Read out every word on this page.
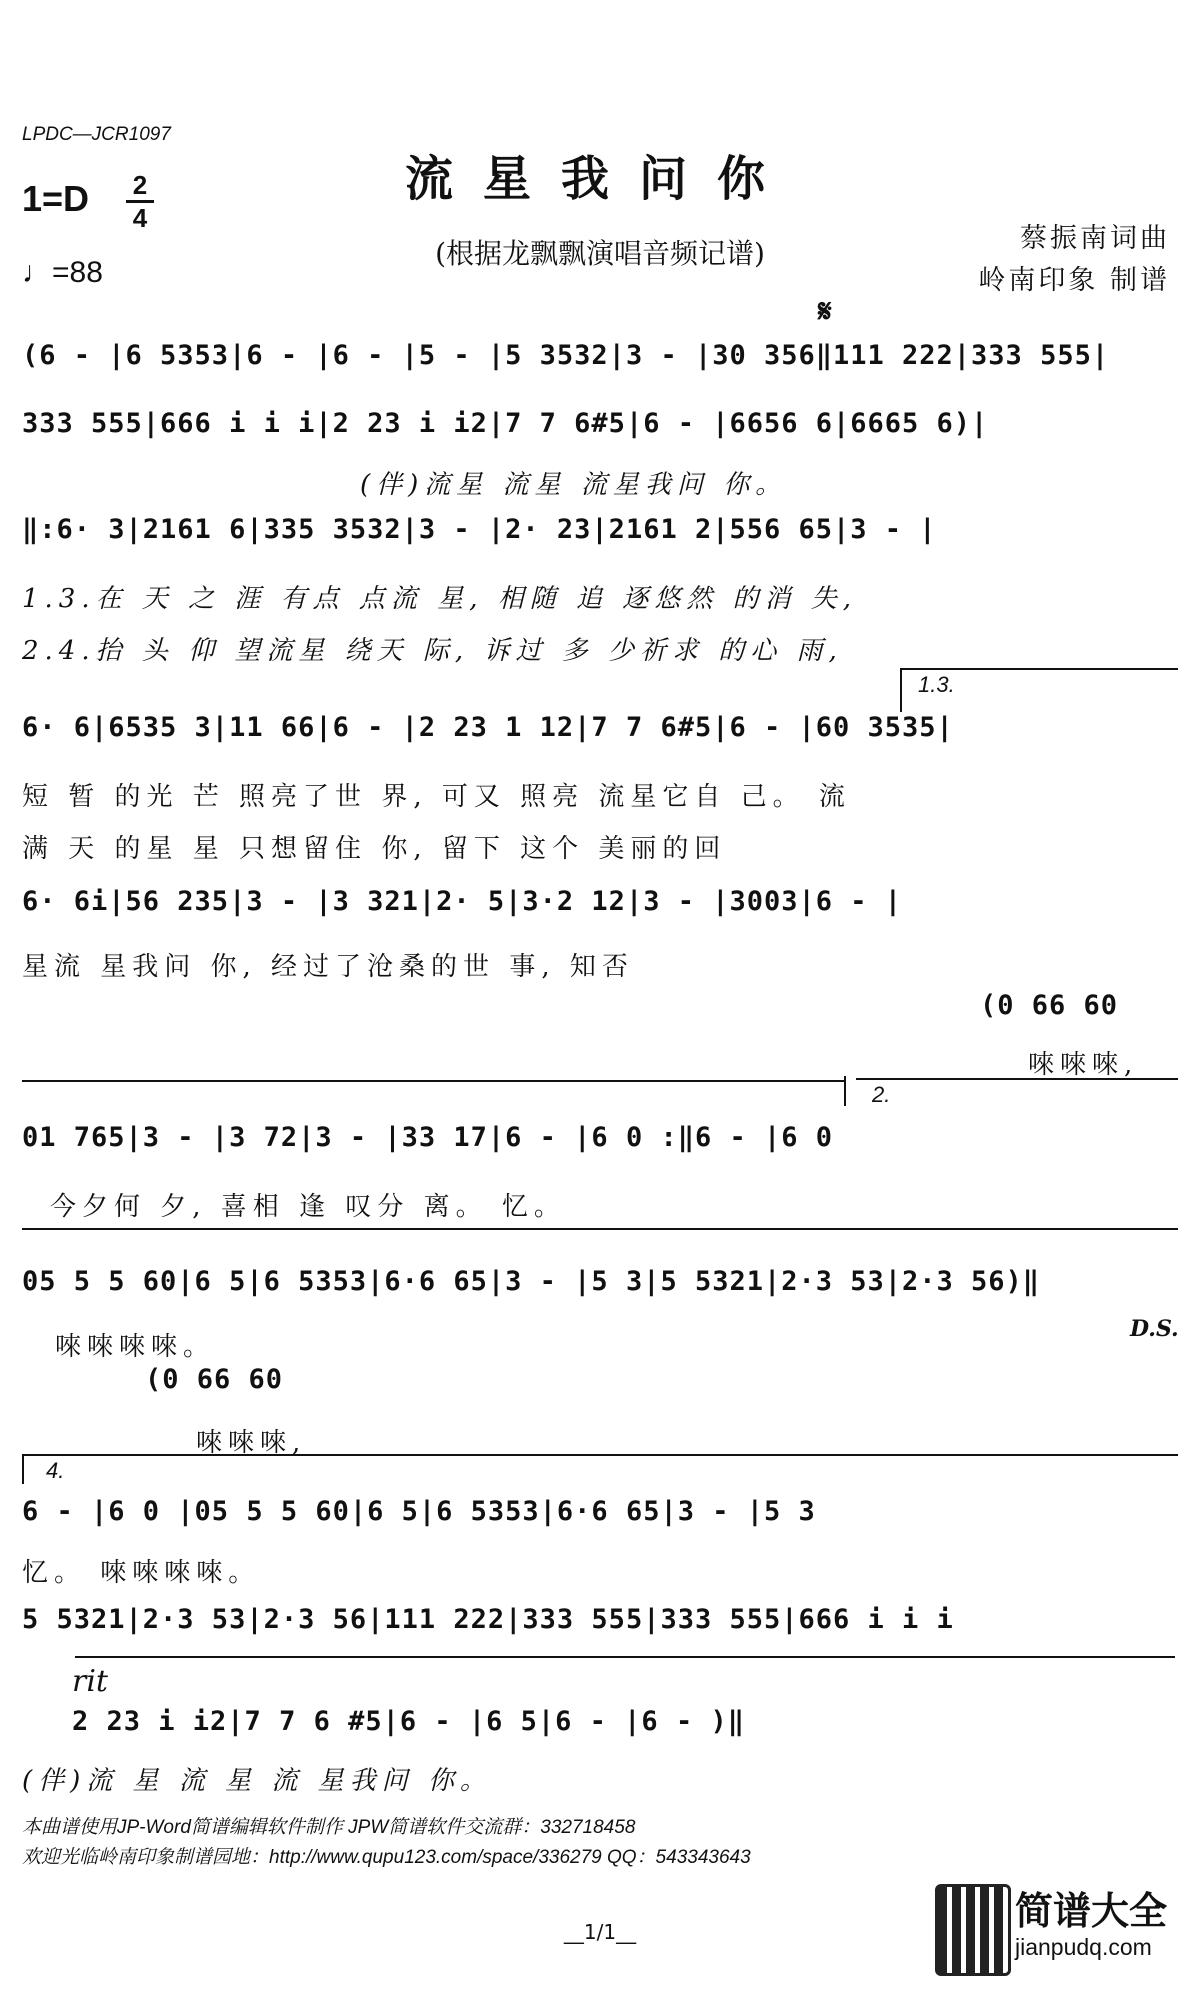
LPDC—JCR1097
流星我问你
(根据龙飘飘演唱音频记谱)
1=D 2
4
♩=88
蔡振南词曲
岭南印象 制谱
𝄋
(6 - |6 5353|6 - |6 - |5 - |5 3532|3 - |30 356‖111 222|333 555|
333 555|666 i i i|2 23 i i2|7 7 6#5|6 - |6656 6|6665 6)|
(伴)流星 流星 流星我问 你。
‖:6· 3|2161 6|335 3532|3 - |2· 23|2161 2|556 65|3 - |
1.3.在 天 之 涯 有点 点流 星, 相随 追 逐悠然 的消 失,
2.4.抬 头 仰 望流星 绕天 际, 诉过 多 少祈求 的心 雨,
1.3.
6· 6|6535 3|11 66|6 - |2 23 1 12|7 7 6#5|6 - |60 3535|
短 暂 的光 芒 照亮了世 界, 可又 照亮 流星它自 己。 流
满 天 的星 星 只想留住 你, 留下 这个 美丽的回
6· 6i|56 235|3 - |3 321|2· 5|3·2 12|3 - |3003|6 - |
星流 星我问 你, 经过了沧桑的世 事, 知否
(0 66 60
唻唻唻,
2.
01 765|3 - |3 72|3 - |33 17|6 - |6 0 :‖6 - |6 0
今夕何 夕, 喜相 逢 叹分 离。 忆。
05 5 5 60|6 5|6 5353|6·6 65|3 - |5 3|5 5321|2·3 53|2·3 56)‖
唻唻唻唻。
D.S.
(0 66 60
唻唻唻,
4.
6 - |6 0 |05 5 5 60|6 5|6 5353|6·6 65|3 - |5 3
忆。 唻唻唻唻。
5 5321|2·3 53|2·3 56|111 222|333 555|333 555|666 i i i
rit
2 23 i i2|7 7 6 #5|6 - |6 5|6 - |6 - )‖
(伴)流 星 流 星 流 星我问 你。
本曲谱使用JP-Word简谱编辑软件制作 JPW简谱软件交流群：332718458
欢迎光临岭南印象制谱园地：http://www.qupu123.com/space/336279 QQ：543343643
__1/1__	简谱大全
jianpudq.com
